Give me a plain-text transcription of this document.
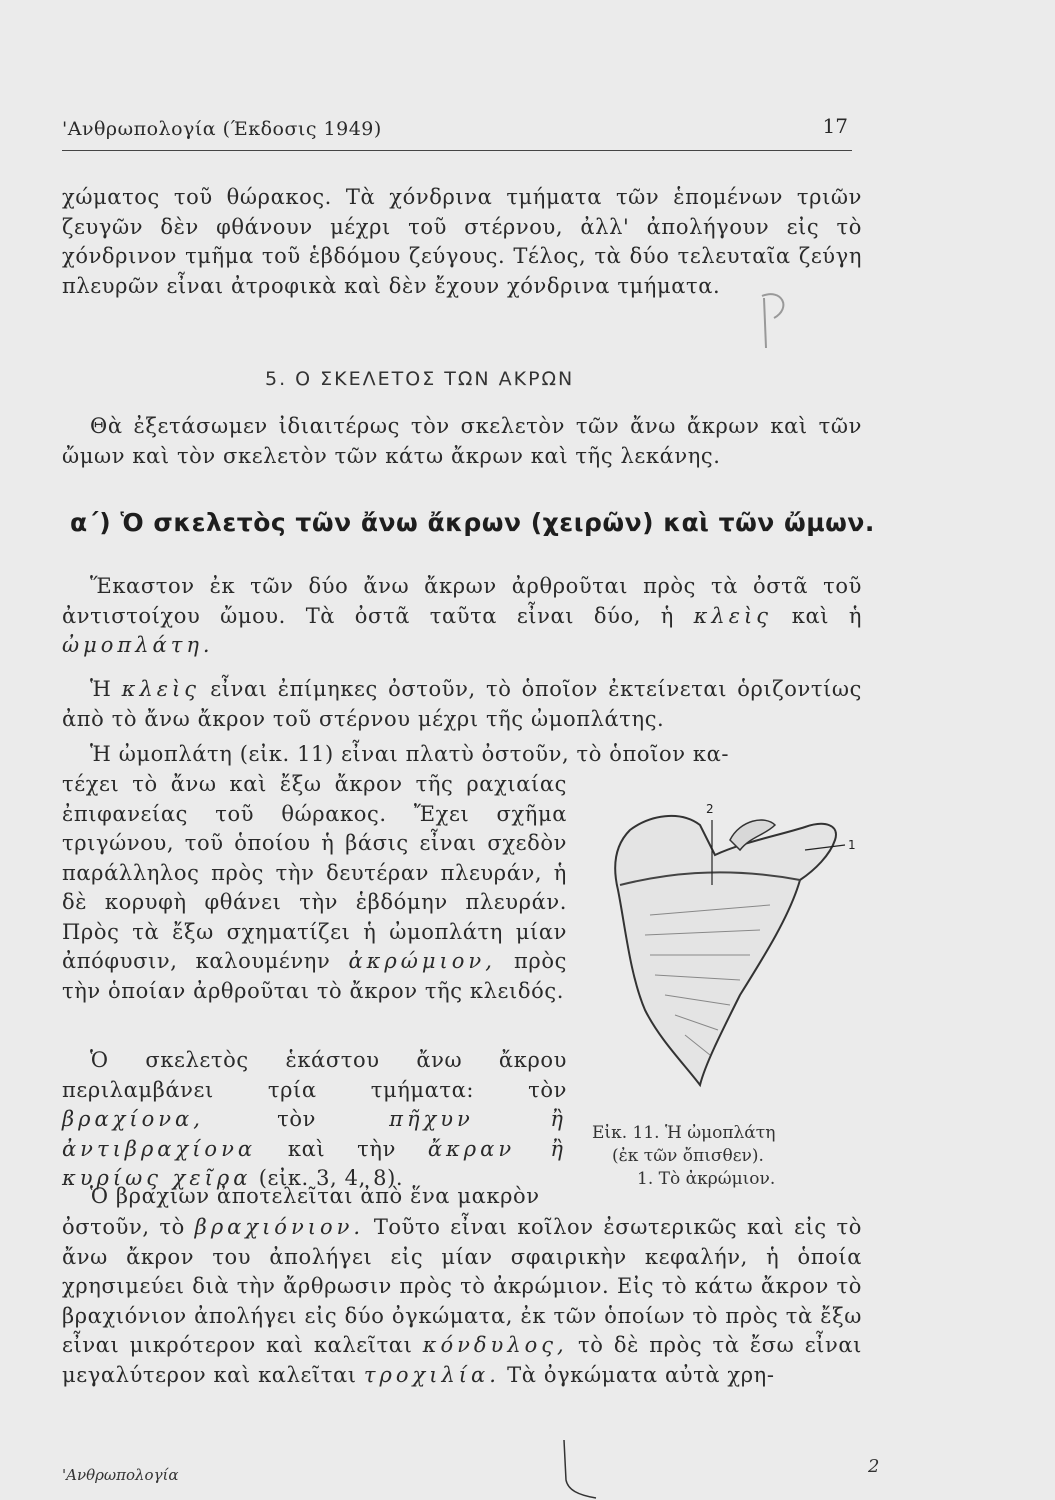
'Ανθρωπολογία (Έκδοσις 1949)	17
χώματος τοῦ θώρακος. Τὰ χόνδρινα τμήματα τῶν ἑπομένων τριῶν ζευγῶν δὲν φθάνουν μέχρι τοῦ στέρνου, ἀλλ' ἀπολήγουν εἰς τὸ χόνδρινον τμῆμα τοῦ ἑβδόμου ζεύγους. Τέλος, τὰ δύο τελευταῖα ζεύγη πλευρῶν εἶναι ἀτροφικὰ καὶ δὲν ἔχουν χόνδρινα τμήματα.
5. Ο ΣΚΕΛΕΤΟΣ ΤΩΝ ΑΚΡΩΝ
Θὰ ἐξετάσωμεν ἰδιαιτέρως τὸν σκελετὸν τῶν ἄνω ἄκρων καὶ τῶν ὤμων καὶ τὸν σκελετὸν τῶν κάτω ἄκρων καὶ τῆς λεκάνης.
α΄) Ὁ σκελετὸς τῶν ἄνω ἄκρων (χειρῶν) καὶ τῶν ὤμων.
Ἕκαστον ἐκ τῶν δύο ἄνω ἄκρων ἀρθροῦται πρὸς τὰ ὀστᾶ τοῦ ἀντιστοίχου ὤμου. Τὰ ὀστᾶ ταῦτα εἶναι δύο, ἡ κλεὶς καὶ ἡ ὠμοπλάτη.
Ἡ κλεὶς εἶναι ἐπίμηκες ὀστοῦν, τὸ ὁποῖον ἐκτείνεται ὁριζοντίως ἀπὸ τὸ ἄνω ἄκρον τοῦ στέρνου μέχρι τῆς ὠμοπλάτης.
Ἡ ὠμοπλάτη (εἰκ. 11) εἶναι πλατὺ ὀστοῦν, τὸ ὁποῖον κα-
τέχει τὸ ἄνω καὶ ἔξω ἄκρον τῆς ραχιαίας ἐπιφανείας τοῦ θώρακος. Ἔχει σχῆμα τριγώνου, τοῦ ὁποίου ἡ βάσις εἶναι σχεδὸν παράλληλος πρὸς τὴν δευτέραν πλευράν, ἡ δὲ κορυφὴ φθάνει τὴν ἑβδόμην πλευράν. Πρὸς τὰ ἔξω σχηματίζει ἡ ὠμοπλάτη μίαν ἀπόφυσιν, καλουμένην ἀκρώμιον, πρὸς τὴν ὁποίαν ἀρθροῦται τὸ ἄκρον τῆς κλειδός.
Ὁ σκελετὸς ἑκάστου ἄνω ἄκρου περιλαμβάνει τρία τμήματα: τὸν βραχίονα,	τὸν	πῆχυν ἢ ἀντιβραχίονα καὶ τὴν ἄκραν ἢ κυρίως χεῖρα (εἰκ. 3, 4, 8).
Ὁ βραχίων ἀποτελεῖται ἀπὸ ἕνα μακρὸν
ὀστοῦν, τὸ βραχιόνιον. Τοῦτο εἶναι κοῖλον ἐσωτερικῶς καὶ εἰς τὸ ἄνω ἄκρον του ἀπολήγει εἰς μίαν σφαιρικὴν κεφαλήν, ἡ ὁποία χρησιμεύει διὰ τὴν ἄρθρωσιν πρὸς τὸ ἀκρώμιον. Εἰς τὸ κάτω ἄκρον τὸ βραχιόνιον ἀπολήγει εἰς δύο ὀγκώματα, ἐκ τῶν ὁποίων τὸ πρὸς τὰ ἔξω εἶναι μικρότερον καὶ καλεῖται κόνδυλος, τὸ δὲ πρὸς τὰ ἔσω εἶναι μεγαλύτερον καὶ καλεῖται τροχιλία. Τὰ ὀγκώματα αὐτὰ χρη-
2
1
Εἰκ. 11. Ἡ ὠμοπλάτη
(ἐκ τῶν ὄπισθεν).
1. Τὸ ἀκρώμιον.
'Ανθρωπολογία	2
